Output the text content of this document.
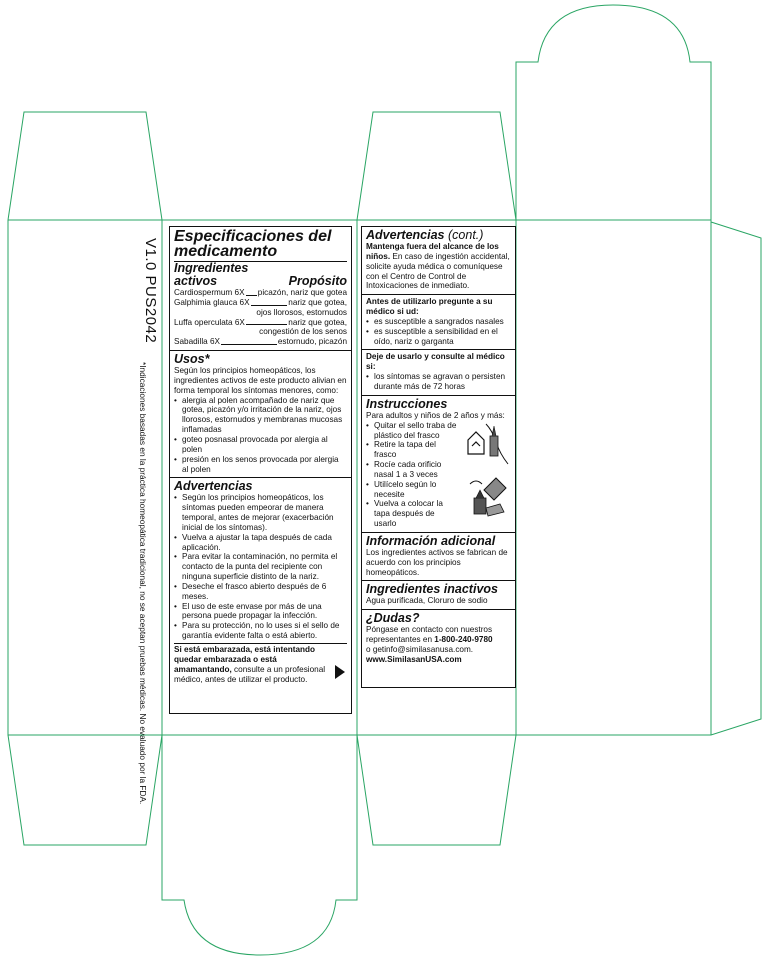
V1.0 PUS2042
*Indicaciones basadas en la práctica homeopática tradicional, no se aceptan pruebas médicas. No evaluado por la FDA.
Especificaciones del medicamento
Ingredientes activos	Propósito
Cardiospermum 6X picazón, nariz que gotea
Galphimia glauca 6X	nariz que gotea,
ojos llorosos, estornudos
Luffa operculata 6X	nariz que gotea,
congestión de los senos
Sabadilla 6X	estornudo, picazón
Usos*
Según los principios homeopáticos, los ingredientes activos de este producto alivian en forma temporal los síntomas menores, como:
• alergia al polen acompañado de nariz que gotea, picazón y/o irritación de la nariz, ojos llorosos, estornudos y membranas mucosas inflamadas
• goteo posnasal provocada por alergia al polen
• presión en los senos provocada por alergia al polen
Advertencias
• Según los principios homeopáticos, los síntomas pueden empeorar de manera temporal, antes de mejorar (exacerbación inicial de los síntomas).
• Vuelva a ajustar la tapa después de cada aplicación.
• Para evitar la contaminación, no permita el contacto de la punta del recipiente con ninguna superficie distinto de la nariz.
• Deseche el frasco abierto después de 6 meses.
• El uso de este envase por más de una persona puede propagar la infección.
• Para su protección, no lo uses si el sello de garantía evidente falta o está abierto.
Si está embarazada, está intentando quedar embarazada o está amamantando, consulte a un profesional médico, antes de utilizar el producto.
Advertencias (cont.)
Mantenga fuera del alcance de los niños. En caso de ingestión accidental, solicite ayuda médica o comuníquese con el Centro de Control de Intoxicaciones de inmediato.
Antes de utilizarlo pregunte a su médico si ud:
• es susceptible a sangrados nasales
• es susceptible a sensibilidad en el oído, nariz o garganta
Deje de usarlo y consulte al médico si:
• los síntomas se agravan o persisten durante más de 72 horas
Instrucciones
Para adultos y niños de 2 años y más:
• Quitar el sello traba de plástico del frasco
• Retire la tapa del frasco
• Rocíe cada orificio nasal 1 a 3 veces
• Utilícelo según lo necesite
• Vuelva a colocar la tapa después de usarlo
Información adicional
Los ingredientes activos se fabrican de acuerdo con los principios homeopáticos.
Ingredientes inactivos
Agua purificada, Cloruro de sodio
¿Dudas?
Póngase en contacto con nuestros representantes en 1-800-240-9780
o getinfo@similasanusa.com.
www.SimilasanUSA.com
